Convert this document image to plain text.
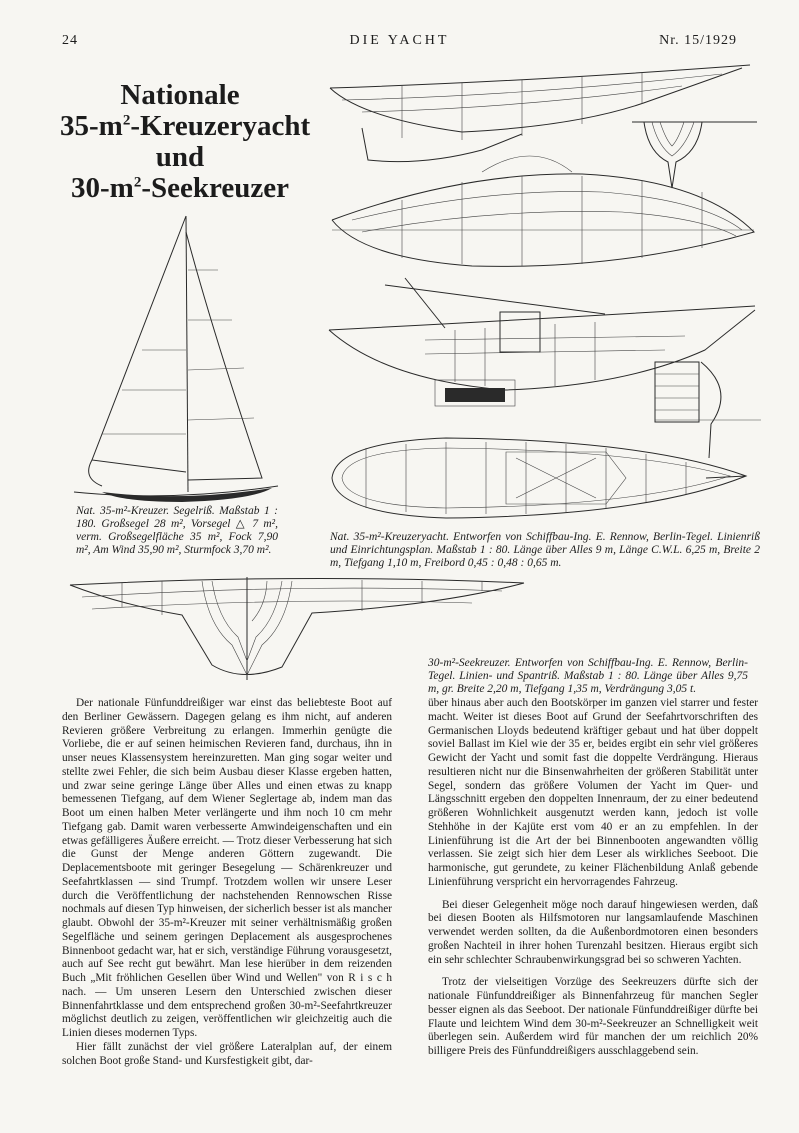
24	DIE YACHT	Nr. 15/1929
Nationale
$35-m^2$-Kreuzeryacht
und
$30-m^2$-Seekreuzer
Nat. 35-m²-Kreuzer. Segelriß. Maßstab 1 : 180. Großsegel 28 m², Vorsegel △ 7 m², verm. Großsegelfläche 35 m², Fock 7,90 m², Am Wind 35,90 m², Sturmfock 3,70 m².
Nat. 35-m²-Kreuzeryacht. Entworfen von Schiffbau-Ing. E. Rennow, Berlin-Tegel. Linienriß und Einrichtungsplan. Maßstab 1 : 80. Länge über Alles 9 m, Länge C.W.L. 6,25 m, Breite 2 m, Tiefgang 1,10 m, Freibord 0,45 : 0,48 : 0,65 m.
30-m²-Seekreuzer. Entworfen von Schiffbau-Ing. E. Rennow, Berlin-Tegel. Linien- und Spantriß. Maßstab 1 : 80. Länge über Alles 9,75 m, gr. Breite 2,20 m, Tiefgang 1,35 m, Verdrängung 3,05 t.

Der nationale Fünfunddreißiger war einst das beliebteste Boot auf den Berliner Gewässern. Dagegen gelang es ihm nicht, auf anderen Revieren größere Verbreitung zu erlangen. Immerhin genügte die Vorliebe, die er auf seinen heimischen Revieren fand, durchaus, ihn in unser neues Klassensystem hereinzuretten. Man ging sogar weiter und stellte zwei Fehler, die sich beim Ausbau dieser Klasse ergeben hatten, und zwar seine geringe Länge über Alles und einen etwas zu knapp bemessenen Tiefgang, auf dem Wiener Seglertage ab, indem man das Boot um einen halben Meter verlängerte und ihm noch 10 cm mehr Tiefgang gab. Damit waren verbesserte Amwindeigenschaften und ein etwas gefälligeres Äußere erreicht. — Trotz dieser Verbesserung hat sich die Gunst der Menge anderen Göttern zugewandt. Die Deplacementsboote mit geringer Besegelung — Schärenkreuzer und Seefahrtklassen — sind Trumpf. Trotzdem wollen wir unsere Leser durch die Veröffentlichung der nachstehenden Rennowschen Risse nochmals auf diesen Typ hinweisen, der sicherlich besser ist als mancher glaubt. Obwohl der 35-m²-Kreuzer mit seiner verhältnismäßig großen Segelfläche und seinem geringen Deplacement als ausgesprochenes Binnenboot gedacht war, hat er sich, verständige Führung vorausgesetzt, auch auf See recht gut bewährt. Man lese hierüber in dem reizenden Buch „Mit fröhlichen Gesellen über Wind und Wellen" von R i s c h nach. — Um unseren Lesern den Unterschied zwischen dieser Binnenfahrtklasse und dem entsprechend großen 30-m²-Seefahrtkreuzer möglichst deutlich zu zeigen, veröffentlichen wir gleichzeitig auch die Linien dieses modernen Typs.

Hier fällt zunächst der viel größere Lateralplan auf, der einem solchen Boot große Stand- und Kursfestigkeit gibt, dar-

über hinaus aber auch den Bootskörper im ganzen viel starrer und fester macht. Weiter ist dieses Boot auf Grund der Seefahrtvorschriften des Germanischen Lloyds bedeutend kräftiger gebaut und hat über doppelt soviel Ballast im Kiel wie der 35 er, beides ergibt ein sehr viel größeres Gewicht der Yacht und somit fast die doppelte Verdrängung. Hieraus resultieren nicht nur die Binsenwahrheiten der größeren Stabilität unter Segel, sondern das größere Volumen der Yacht im Quer- und Längsschnitt ergeben den doppelten Innenraum, der zu einer bedeutend größeren Wohnlichkeit ausgenutzt werden kann, jedoch ist volle Stehhöhe in der Kajüte erst vom 40 er an zu empfehlen. In der Linienführung ist die Art der bei Binnenbooten angewandten völlig verlassen. Sie zeigt sich hier dem Leser als wirkliches Seeboot. Die harmonische, gut gerundete, zu keiner Flächenbildung Anlaß gebende Linienführung verspricht ein hervorragendes Fahrzeug.

Bei dieser Gelegenheit möge noch darauf hingewiesen werden, daß bei diesen Booten als Hilfsmotoren nur langsamlaufende Maschinen verwendet werden sollten, da die Außenbordmotoren einen besonders großen Nachteil in ihrer hohen Turenzahl besitzen. Hieraus ergibt sich ein sehr schlechter Schraubenwirkungsgrad bei so schweren Yachten.

Trotz der vielseitigen Vorzüge des Seekreuzers dürfte sich der nationale Fünfunddreißiger als Binnenfahrzeug für manchen Segler besser eignen als das Seeboot. Der nationale Fünfunddreißiger dürfte bei Flaute und leichtem Wind dem 30-m²-Seekreuzer an Schnelligkeit weit überlegen sein. Außerdem wird für manchen der um reichlich 20% billigere Preis des Fünfunddreißigers ausschlaggebend sein.
